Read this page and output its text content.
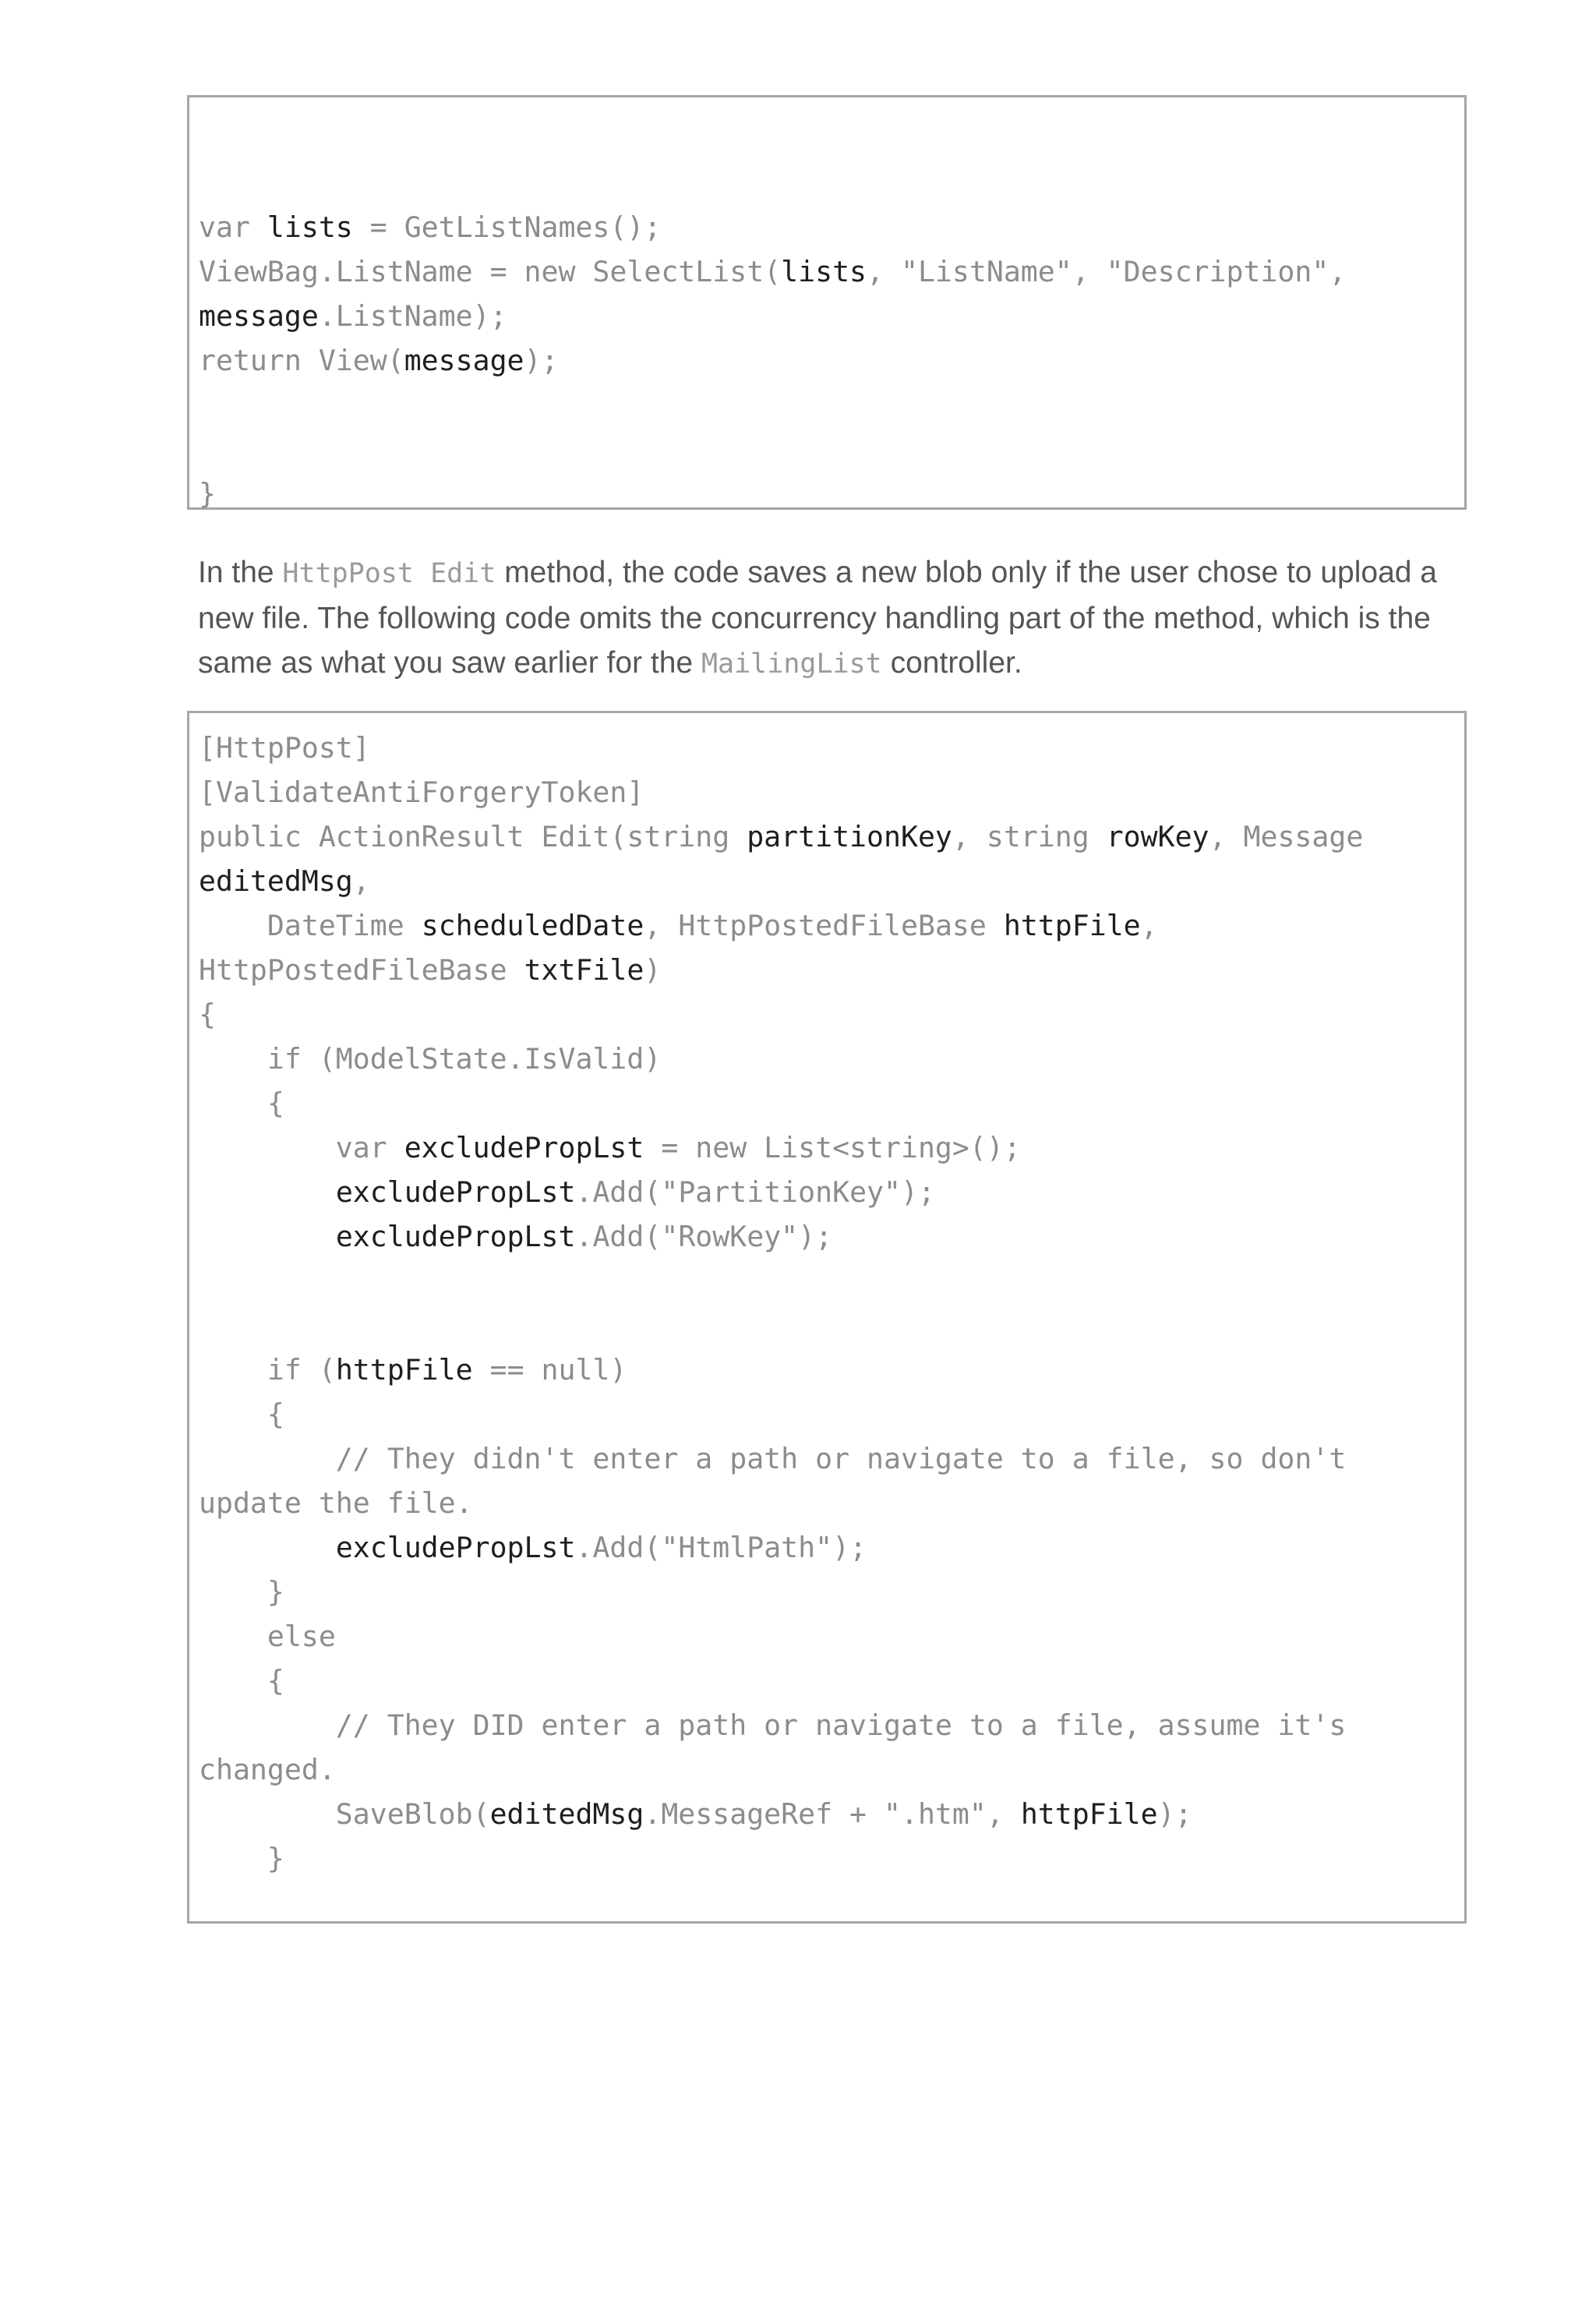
var lists = GetListNames();
ViewBag.ListName = new SelectList(lists, "ListName", "Description",
message.ListName);
return View(message);

}

In the HttpPost Edit method, the code saves a new blob only if the user chose to upload a new file. The following code omits the concurrency handling part of the method, which is the same as what you saw earlier for the MailingList controller.

[HttpPost]
[ValidateAntiForgeryToken]
public ActionResult Edit(string partitionKey, string rowKey, Message
editedMsg,
DateTime scheduledDate, HttpPostedFileBase httpFile,
HttpPostedFileBase txtFile)
{
if (ModelState.IsValid)
{
var excludePropLst = new List<string>();
excludePropLst.Add("PartitionKey");
excludePropLst.Add("RowKey");

if (httpFile == null)
{
// They didn't enter a path or navigate to a file, so don't
update the file.
excludePropLst.Add("HtmlPath");
}
else
{
// They DID enter a path or navigate to a file, assume it's
changed.
SaveBlob(editedMsg.MessageRef + ".htm", httpFile);
}
